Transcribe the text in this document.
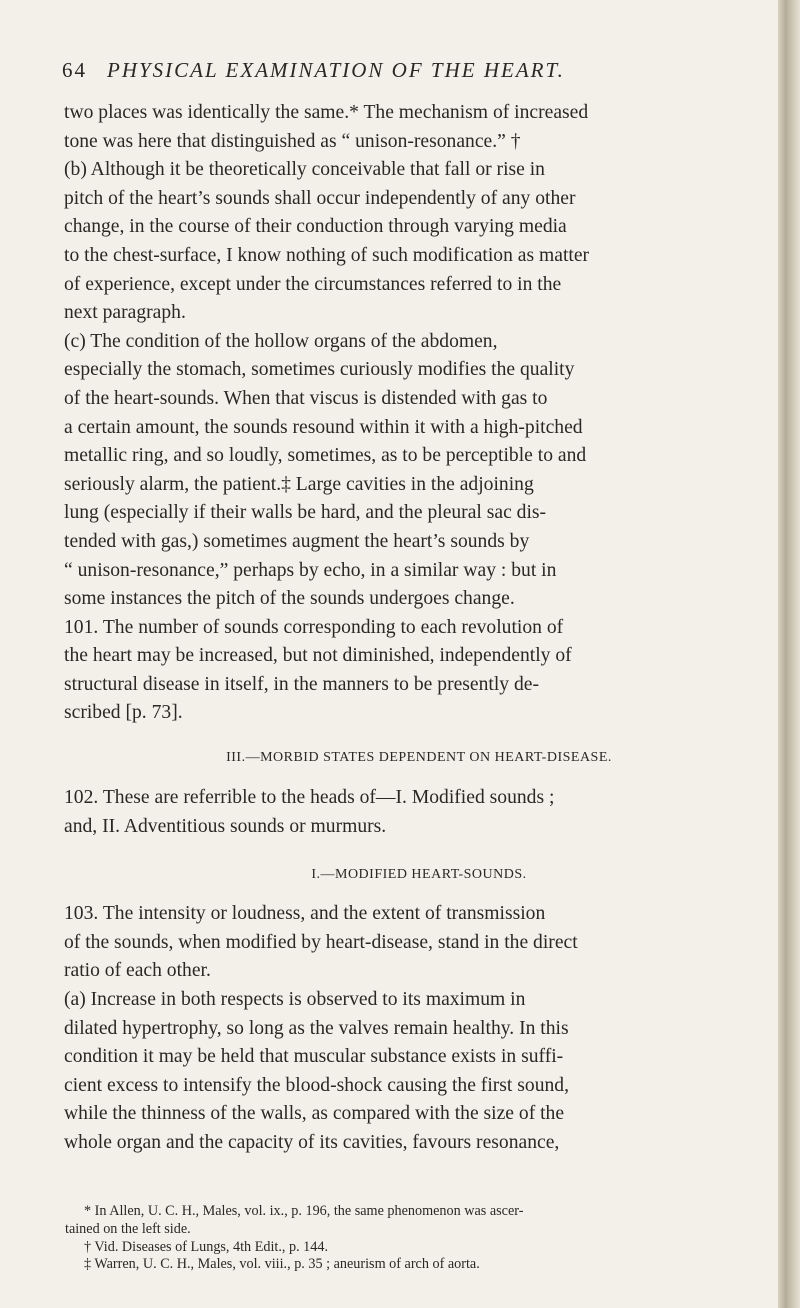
64 PHYSICAL EXAMINATION OF THE HEART.
two places was identically the same.* The mechanism of increased
tone was here that distinguished as “ unison-resonance.” †
(b) Although it be theoretically conceivable that fall or rise in
pitch of the heart’s sounds shall occur independently of any other
change, in the course of their conduction through varying media
to the chest-surface, I know nothing of such modification as matter
of experience, except under the circumstances referred to in the
next paragraph.
(c) The condition of the hollow organs of the abdomen,
especially the stomach, sometimes curiously modifies the quality
of the heart-sounds. When that viscus is distended with gas to
a certain amount, the sounds resound within it with a high-pitched
metallic ring, and so loudly, sometimes, as to be perceptible to and
seriously alarm, the patient.‡ Large cavities in the adjoining
lung (especially if their walls be hard, and the pleural sac dis-
tended with gas,) sometimes augment the heart’s sounds by
“ unison-resonance,” perhaps by echo, in a similar way : but in
some instances the pitch of the sounds undergoes change.
101. The number of sounds corresponding to each revolution of
the heart may be increased, but not diminished, independently of
structural disease in itself, in the manners to be presently de-
scribed [p. 73].
III.—MORBID STATES DEPENDENT ON HEART-DISEASE.
102. These are referrible to the heads of—I. Modified sounds ;
and, II. Adventitious sounds or murmurs.
I.—MODIFIED HEART-SOUNDS.
103. The intensity or loudness, and the extent of transmission
of the sounds, when modified by heart-disease, stand in the direct
ratio of each other.
(a) Increase in both respects is observed to its maximum in
dilated hypertrophy, so long as the valves remain healthy. In this
condition it may be held that muscular substance exists in suffi-
cient excess to intensify the blood-shock causing the first sound,
while the thinness of the walls, as compared with the size of the
whole organ and the capacity of its cavities, favours resonance,
* In Allen, U. C. H., Males, vol. ix., p. 196, the same phenomenon was ascer-
tained on the left side.
† Vid. Diseases of Lungs, 4th Edit., p. 144.
‡ Warren, U. C. H., Males, vol. viii., p. 35 ; aneurism of arch of aorta.
